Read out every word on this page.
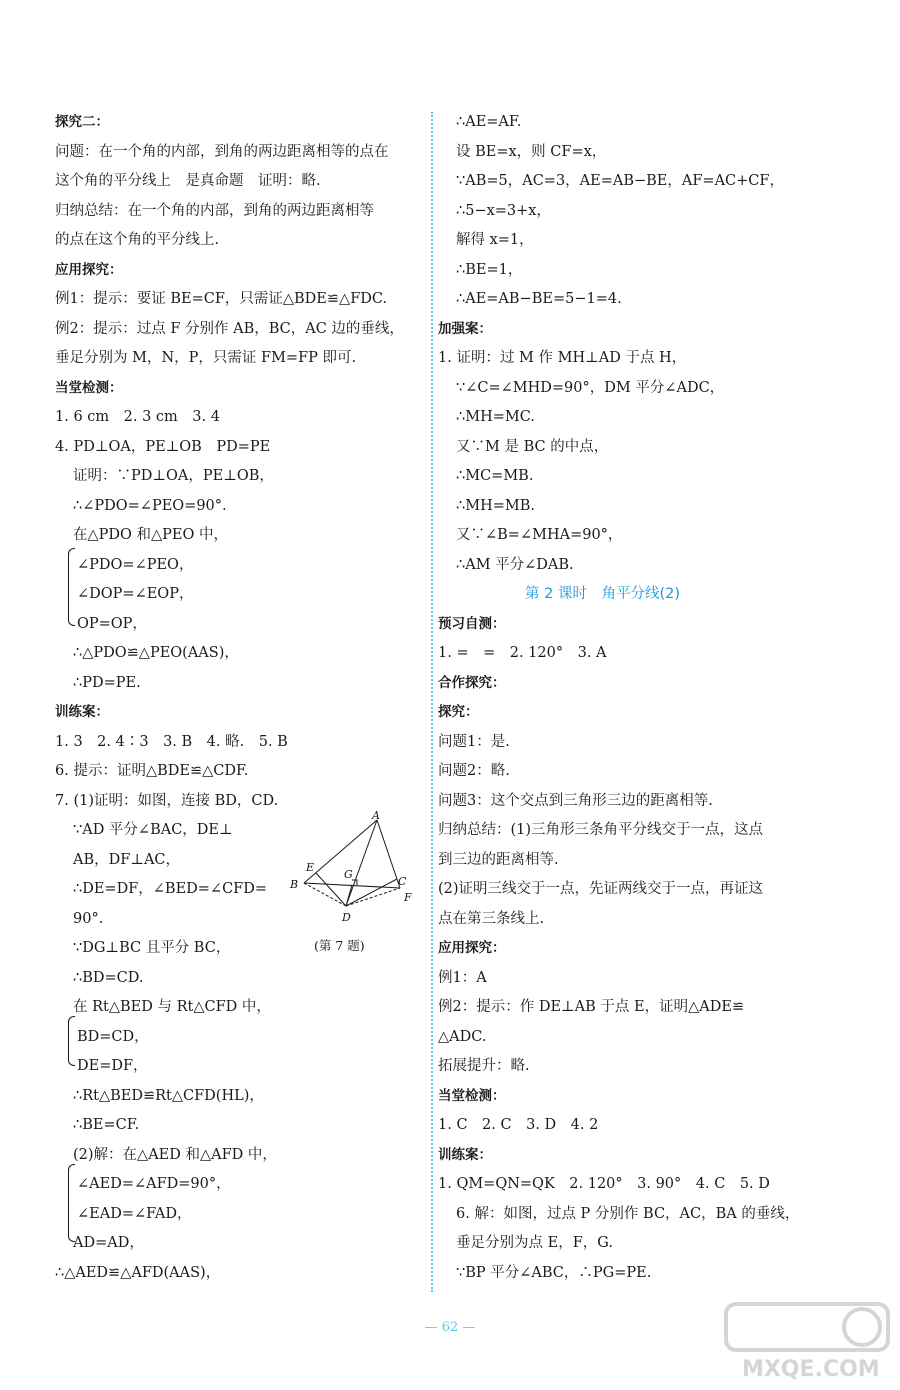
探究二：
问题：在一个角的内部，到角的两边距离相等的点在
这个角的平分线上　是真命题　证明：略.
归纳总结：在一个角的内部，到角的两边距离相等
的点在这个角的平分线上.
应用探究：
例1：提示：要证 BE=CF，只需证△BDE≌△FDC.
例2：提示：过点 F 分别作 AB，BC，AC 边的垂线，
垂足分别为 M，N，P，只需证 FM=FP 即可.
当堂检测：
1. 6 cm　2. 3 cm　3. 4
4. PD⊥OA，PE⊥OB　PD=PE
证明：∵PD⊥OA，PE⊥OB，
∴∠PDO=∠PEO=90°.
在△PDO 和△PEO 中，
∠PDO=∠PEO，
∠DOP=∠EOP，
OP=OP，
∴△PDO≌△PEO(AAS)，
∴PD=PE.
训练案：
1. 3　2. 4∶3　3. B　4. 略.　5. B
6. 提示：证明△BDE≌△CDF.
7. (1)证明：如图，连接 BD，CD.
∵AD 平分∠BAC，DE⊥
AB，DF⊥AC，
∴DE=DF，∠BED=∠CFD=
90°.
∵DG⊥BC 且平分 BC，
∴BD=CD.
在 Rt△BED 与 Rt△CFD 中，
BD=CD，
DE=DF，
∴Rt△BED≌Rt△CFD(HL)，
∴BE=CF.
(2)解：在△AED 和△AFD 中，
∠AED=∠AFD=90°，
∠EAD=∠FAD，
AD=AD，
∴△AED≌△AFD(AAS)，
∴AE=AF.
设 BE=x，则 CF=x，
∵AB=5，AC=3，AE=AB−BE，AF=AC+CF，
∴5−x=3+x，
解得 x=1，
∴BE=1，
∴AE=AB−BE=5−1=4.
加强案：
1. 证明：过 M 作 MH⊥AD 于点 H，
∵∠C=∠MHD=90°，DM 平分∠ADC，
∴MH=MC.
又∵M 是 BC 的中点，
∴MC=MB.
∴MH=MB.
又∵∠B=∠MHA=90°，
∴AM 平分∠DAB.
第 2 课时　角平分线(2)
预习自测：
1. =　=　2. 120°　3. A
合作探究：
探究：
问题1：是.
问题2：略.
问题3：这个交点到三角形三边的距离相等.
归纳总结：(1)三角形三条角平分线交于一点，这点
到三边的距离相等.
(2)证明三线交于一点，先证两线交于一点，再证这
点在第三条线上.
应用探究：
例1：A
例2：提示：作 DE⊥AB 于点 E，证明△ADE≌
△ADC.
拓展提升：略.
当堂检测：
1. C　2. C　3. D　4. 2
训练案：
1. QM=QN=QK　2. 120°　3. 90°　4. C　5. D
6. 解：如图，过点 P 分别作 BC，AC，BA 的垂线，
垂足分别为点 E，F，G.
∵BP 平分∠ABC，∴PG=PE.
A
E
B
G
C
F
D
(第 7 题)
— 62 —
MXQE.COM
